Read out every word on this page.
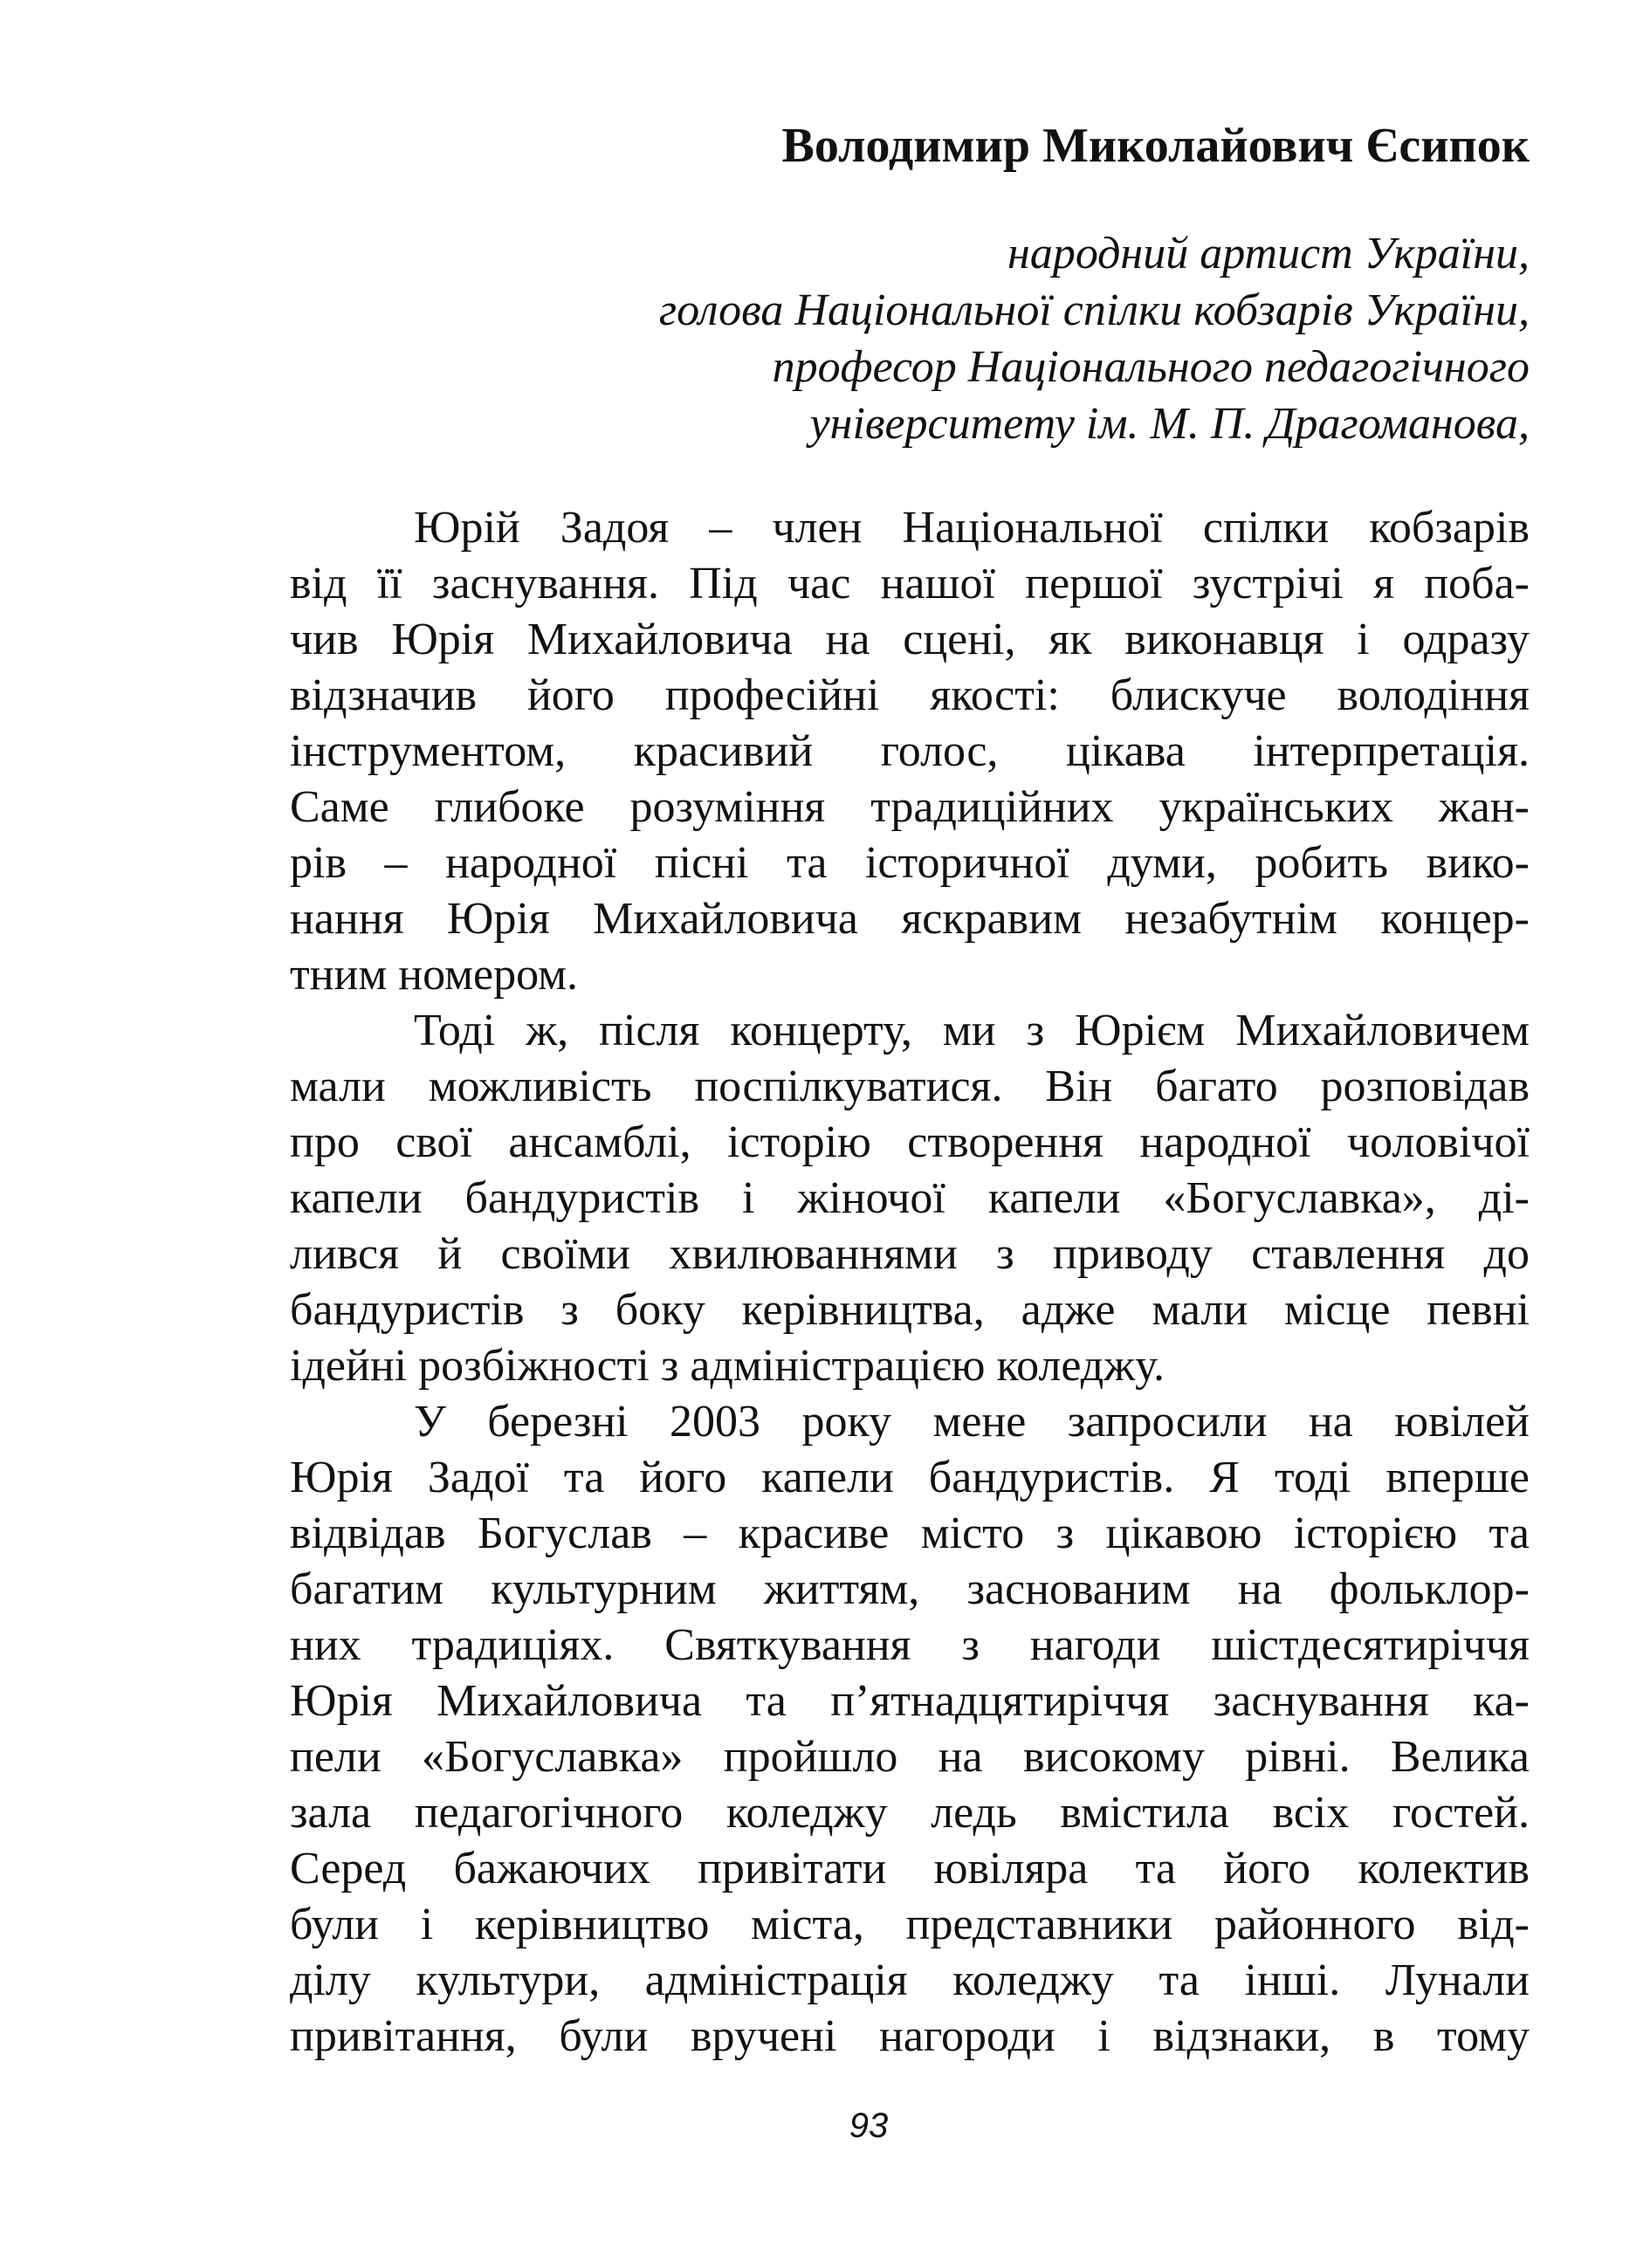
Володимир Миколайович Єсипок
народний артист України,
голова Національної спілки кобзарів України,
професор Національного педагогічного
університету ім. М. П. Драгоманова,
Юрій Задоя – член Національної спілки кобзарів
від її заснування. Під час нашої першої зустрічі я поба-
чив Юрія Михайловича на сцені, як виконавця і одразу
відзначив його професійні якості: блискуче володіння
інструментом, красивий голос, цікава інтерпретація.
Саме глибоке розуміння традиційних українських жан-
рів – народної пісні та історичної думи, робить вико-
нання Юрія Михайловича яскравим незабутнім концер-
тним номером.
Тоді ж, після концерту, ми з Юрієм Михайловичем
мали можливість поспілкуватися. Він багато розповідав
про свої ансамблі, історію створення народної чоловічої
капели бандуристів і жіночої капели «Богуславка», ді-
лився й своїми хвилюваннями з приводу ставлення до
бандуристів з боку керівництва, адже мали місце певні
ідейні розбіжності з адміністрацією коледжу.
У березні 2003 року мене запросили на ювілей
Юрія Задої та його капели бандуристів. Я тоді вперше
відвідав Богуслав – красиве місто з цікавою історією та
багатим культурним життям, заснованим на фольклор-
них традиціях. Святкування з нагоди шістдесятиріччя
Юрія Михайловича та п’ятнадцятиріччя заснування ка-
пели «Богуславка» пройшло на високому рівні. Велика
зала педагогічного коледжу ледь вмістила всіх гостей.
Серед бажаючих привітати ювіляра та його колектив
були і керівництво міста, представники районного від-
ділу культури, адміністрація коледжу та інші. Лунали
привітання, були вручені нагороди і відзнаки, в тому
93
